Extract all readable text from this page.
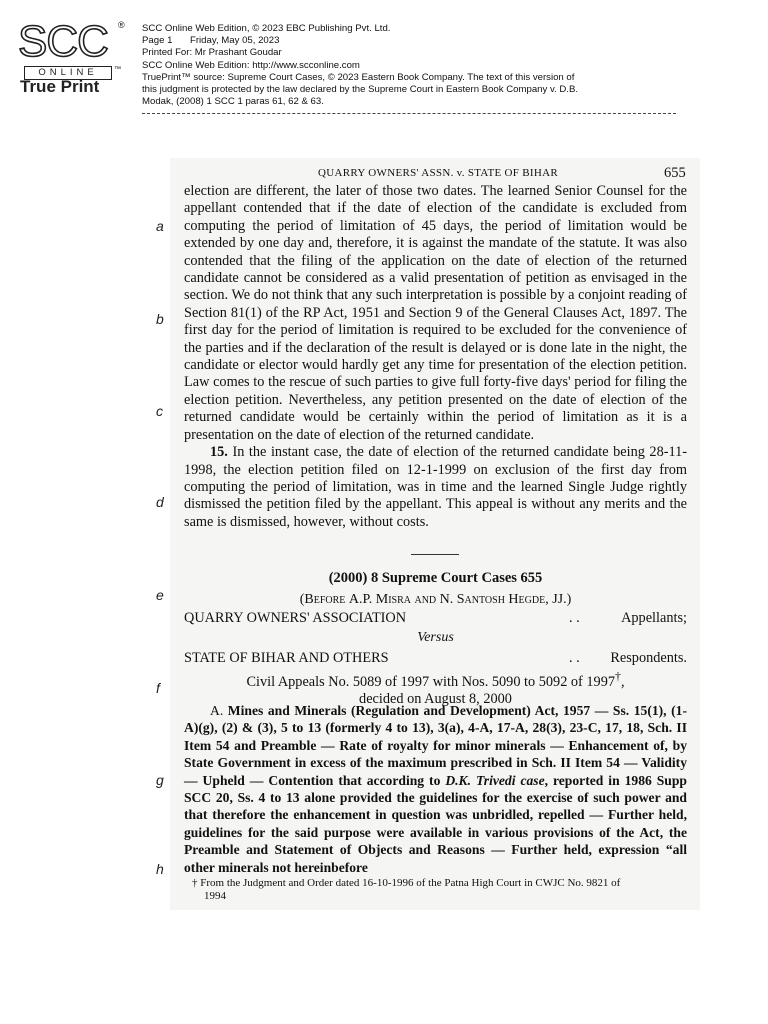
SCC ®
ONLINE	™
True Print
SCC Online Web Edition, © 2023 EBC Publishing Pvt. Ltd.
Page 1 Friday, May 05, 2023
Printed For: Mr Prashant Goudar
SCC Online Web Edition: http://www.scconline.com
TruePrint™ source: Supreme Court Cases, © 2023 Eastern Book Company. The text of this version of
this judgment is protected by the law declared by the Supreme Court in Eastern Book Company v. D.B.
Modak, (2008) 1 SCC 1 paras 61, 62 & 63.
QUARRY OWNERS' ASSN. v. STATE OF BIHAR	655
a
b
c
d
e
f
g
h

election are different, the later of those two dates. The learned Senior Counsel for the appellant contended that if the date of election of the candidate is excluded from computing the period of limitation of 45 days, the period of limitation would be extended by one day and, therefore, it is against the mandate of the statute. It was also contended that the filing of the application on the date of election of the returned candidate cannot be considered as a valid presentation of petition as envisaged in the section. We do not think that any such interpretation is possible by a conjoint reading of Section 81(1) of the RP Act, 1951 and Section 9 of the General Clauses Act, 1897. The first day for the period of limitation is required to be excluded for the convenience of the parties and if the declaration of the result is delayed or is done late in the night, the candidate or elector would hardly get any time for presentation of the election petition. Law comes to the rescue of such parties to give full forty-five days' period for filing the election petition. Nevertheless, any petition presented on the date of election of the returned candidate would be certainly within the period of limitation as it is a presentation on the date of election of the returned candidate.

15. In the instant case, the date of election of the returned candidate being 28-11-1998, the election petition filed on 12-1-1999 on exclusion of the first day from computing the period of limitation, was in time and the learned Single Judge rightly dismissed the petition filed by the appellant. This appeal is without any merits and the same is dismissed, however, without costs.

(2000) 8 Supreme Court Cases 655
(Before A.P. Misra and N. Santosh Hegde, JJ.)
QUARRY OWNERS' ASSOCIATION	. .	Appellants;
Versus
STATE OF BIHAR AND OTHERS	. . Respondents.
Civil Appeals No. 5089 of 1997 with Nos. 5090 to 5092 of 1997†,
decided on August 8, 2000

A. Mines and Minerals (Regulation and Development) Act, 1957 — Ss. 15(1), (1-A)(g), (2) & (3), 5 to 13 (formerly 4 to 13), 3(a), 4-A, 17-A, 28(3), 23-C, 17, 18, Sch. II Item 54 and Preamble — Rate of royalty for minor minerals — Enhancement of, by State Government in excess of the maximum prescribed in Sch. II Item 54 — Validity — Upheld — Contention that according to D.K. Trivedi case, reported in 1986 Supp SCC 20, Ss. 4 to 13 alone provided the guidelines for the exercise of such power and that therefore the enhancement in question was unbridled, repelled — Further held, guidelines for the said purpose were available in various provisions of the Act, the Preamble and Statement of Objects and Reasons — Further held, expression “all other minerals not hereinbefore

† From the Judgment and Order dated 16-10-1996 of the Patna High Court in CWJC No. 9821 of
1994
